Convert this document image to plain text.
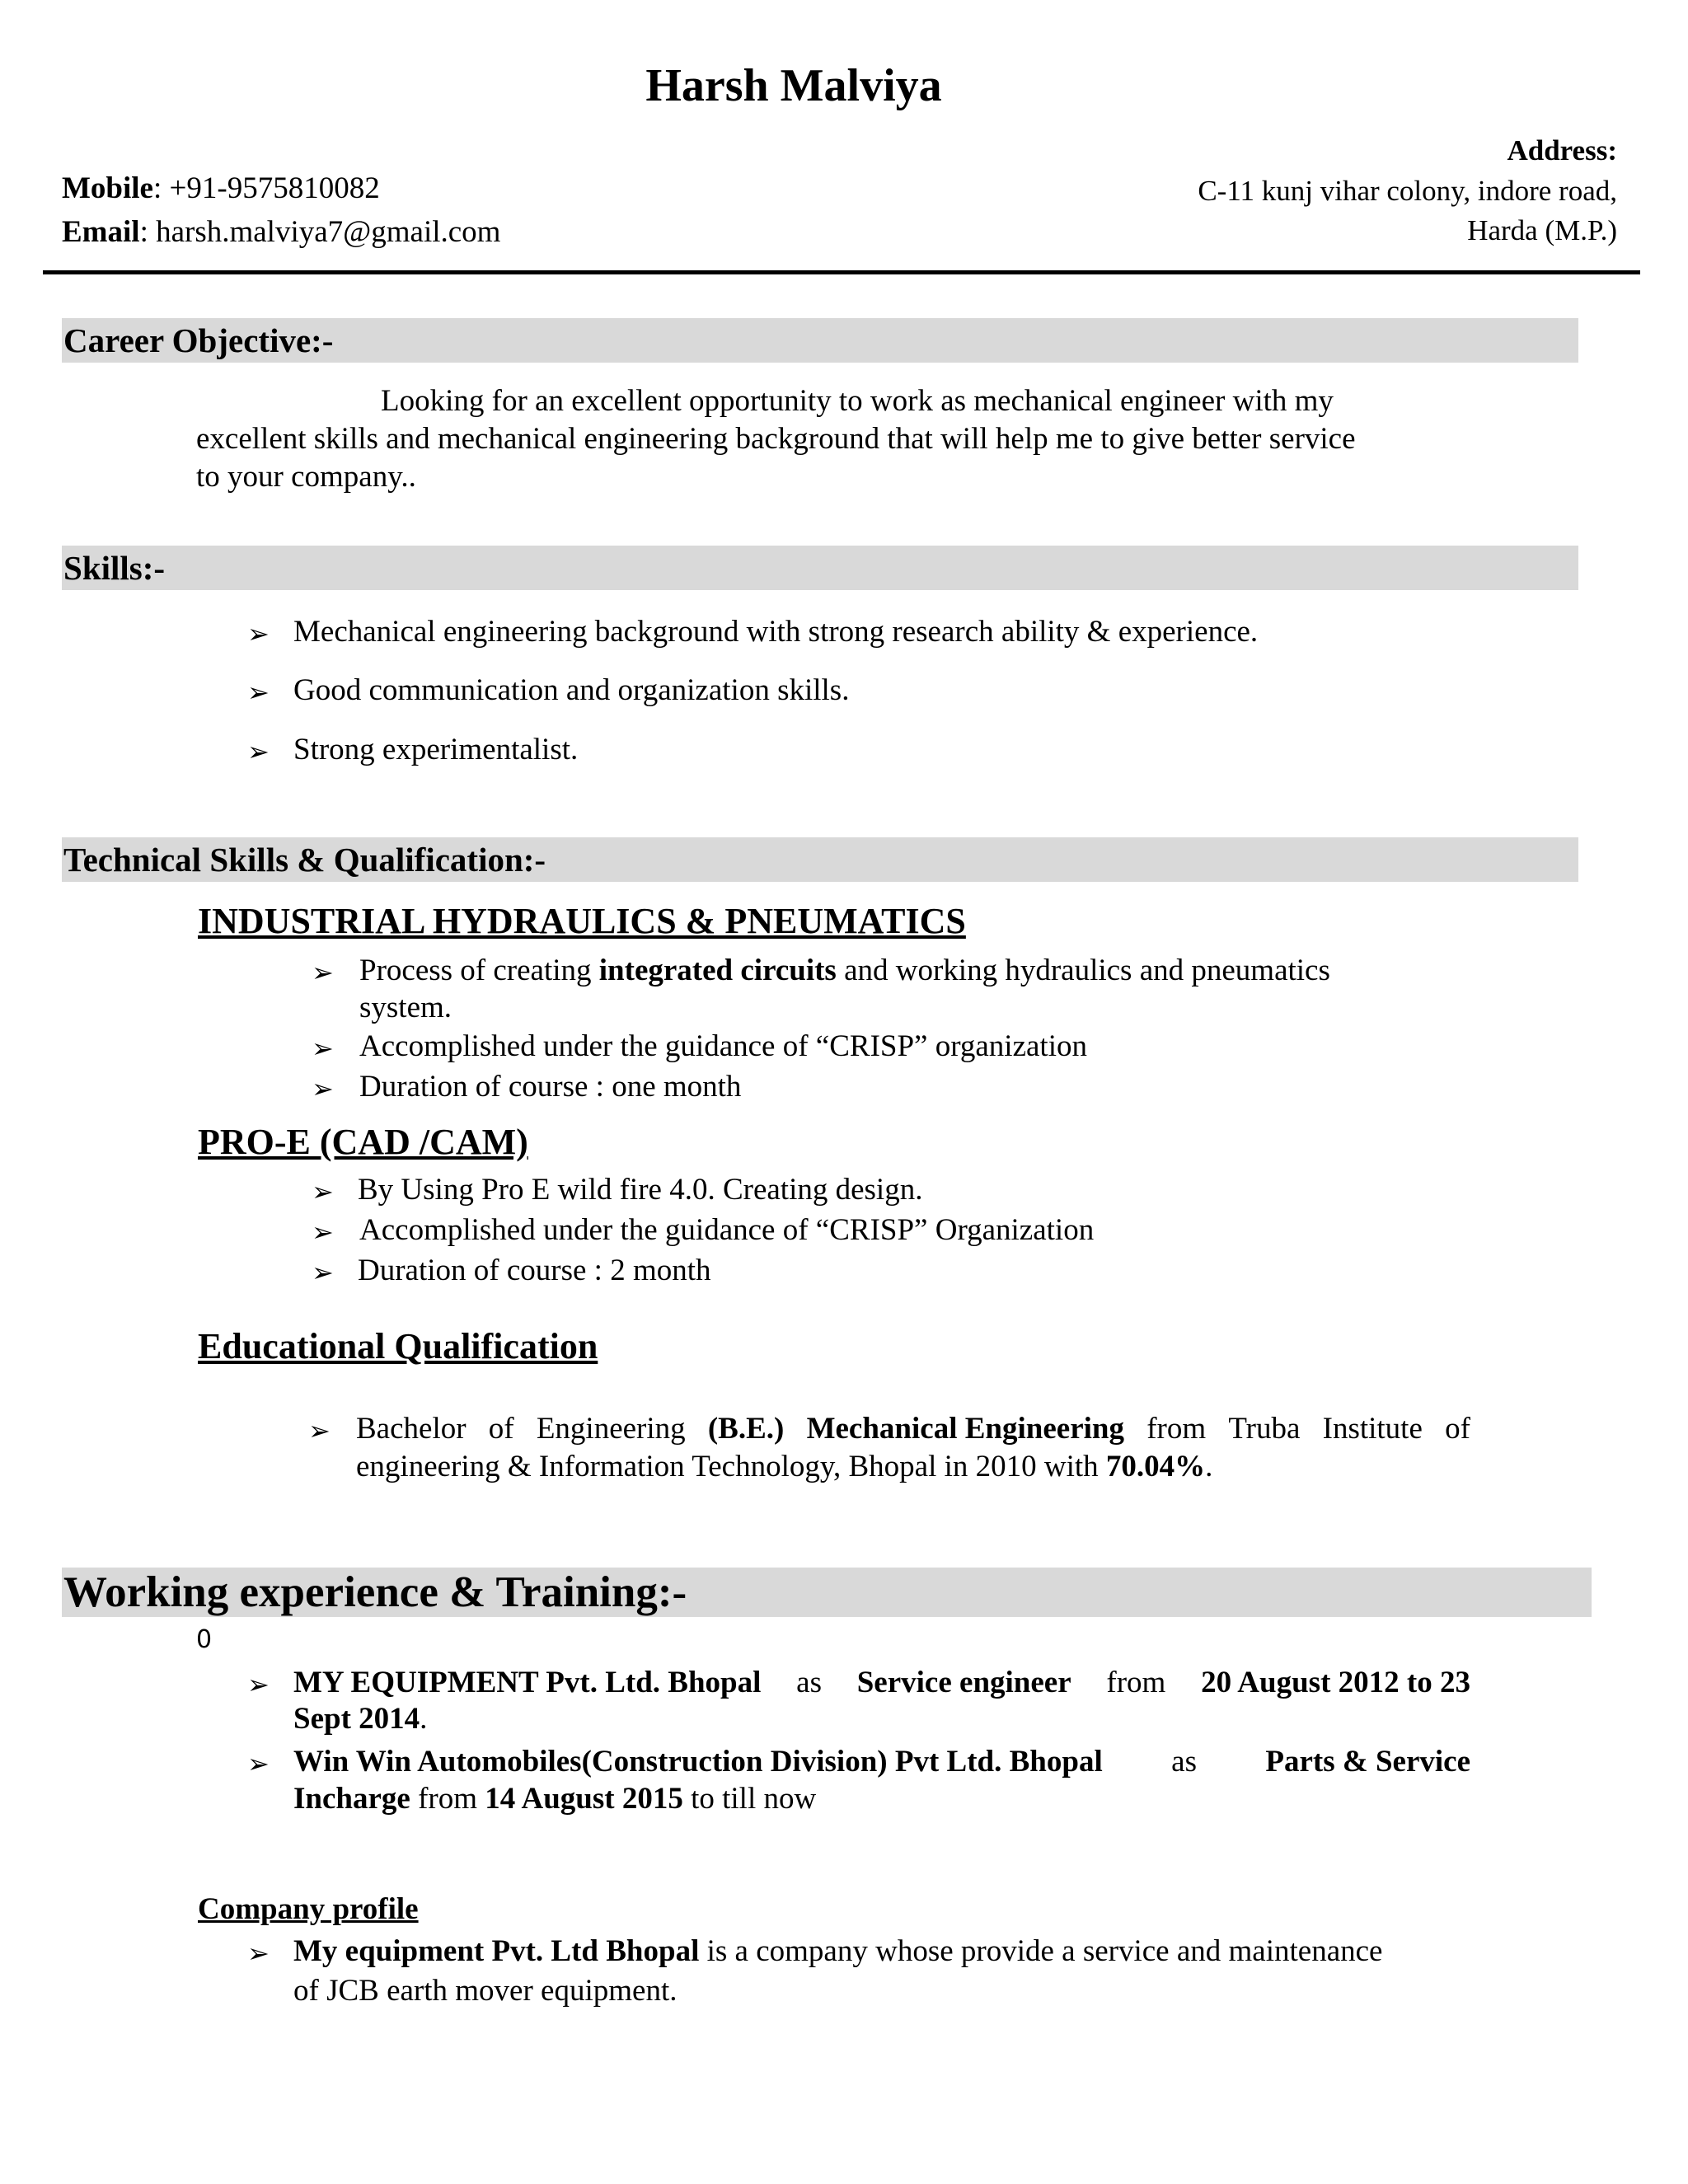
Harsh Malviya
Mobile: +91-9575810082
Email: harsh.malviya7@gmail.com
Address:
C-11 kunj vihar colony, indore road,
Harda (M.P.)
Career Objective:-
Looking for an excellent opportunity to work as mechanical engineer with my
excellent skills and mechanical engineering background that will help me to give better service
to your company..
Skills:-
➢ Mechanical engineering background with strong research ability & experience.
➢ Good communication and organization skills.
➢ Strong experimentalist.
Technical Skills & Qualification:-
INDUSTRIAL HYDRAULICS & PNEUMATICS
➢ Process of creating integrated circuits and working hydraulics and pneumatics
system.
➢ Accomplished under the guidance of “CRISP” organization
➢ Duration of course : one month
PRO-E (CAD /CAM)
➢ By Using Pro E wild fire 4.0. Creating design.
➢ Accomplished under the guidance of “CRISP” Organization
➢ Duration of course : 2 month
Educational Qualification
➢ Bachelor of Engineering (B.E.) Mechanical Engineering from Truba Institute of
engineering & Information Technology, Bhopal in 2010 with 70.04%.
Working experience & Training:-
0
➢ MY EQUIPMENT Pvt. Ltd. Bhopal as Service engineer from 20 August 2012 to 23
Sept 2014.
➢ Win Win Automobiles(Construction Division) Pvt Ltd. Bhopal as Parts & Service
Incharge from 14 August 2015 to till now
Company profile
➢ My equipment Pvt. Ltd Bhopal is a company whose provide a service and maintenance
of JCB earth mover equipment.
